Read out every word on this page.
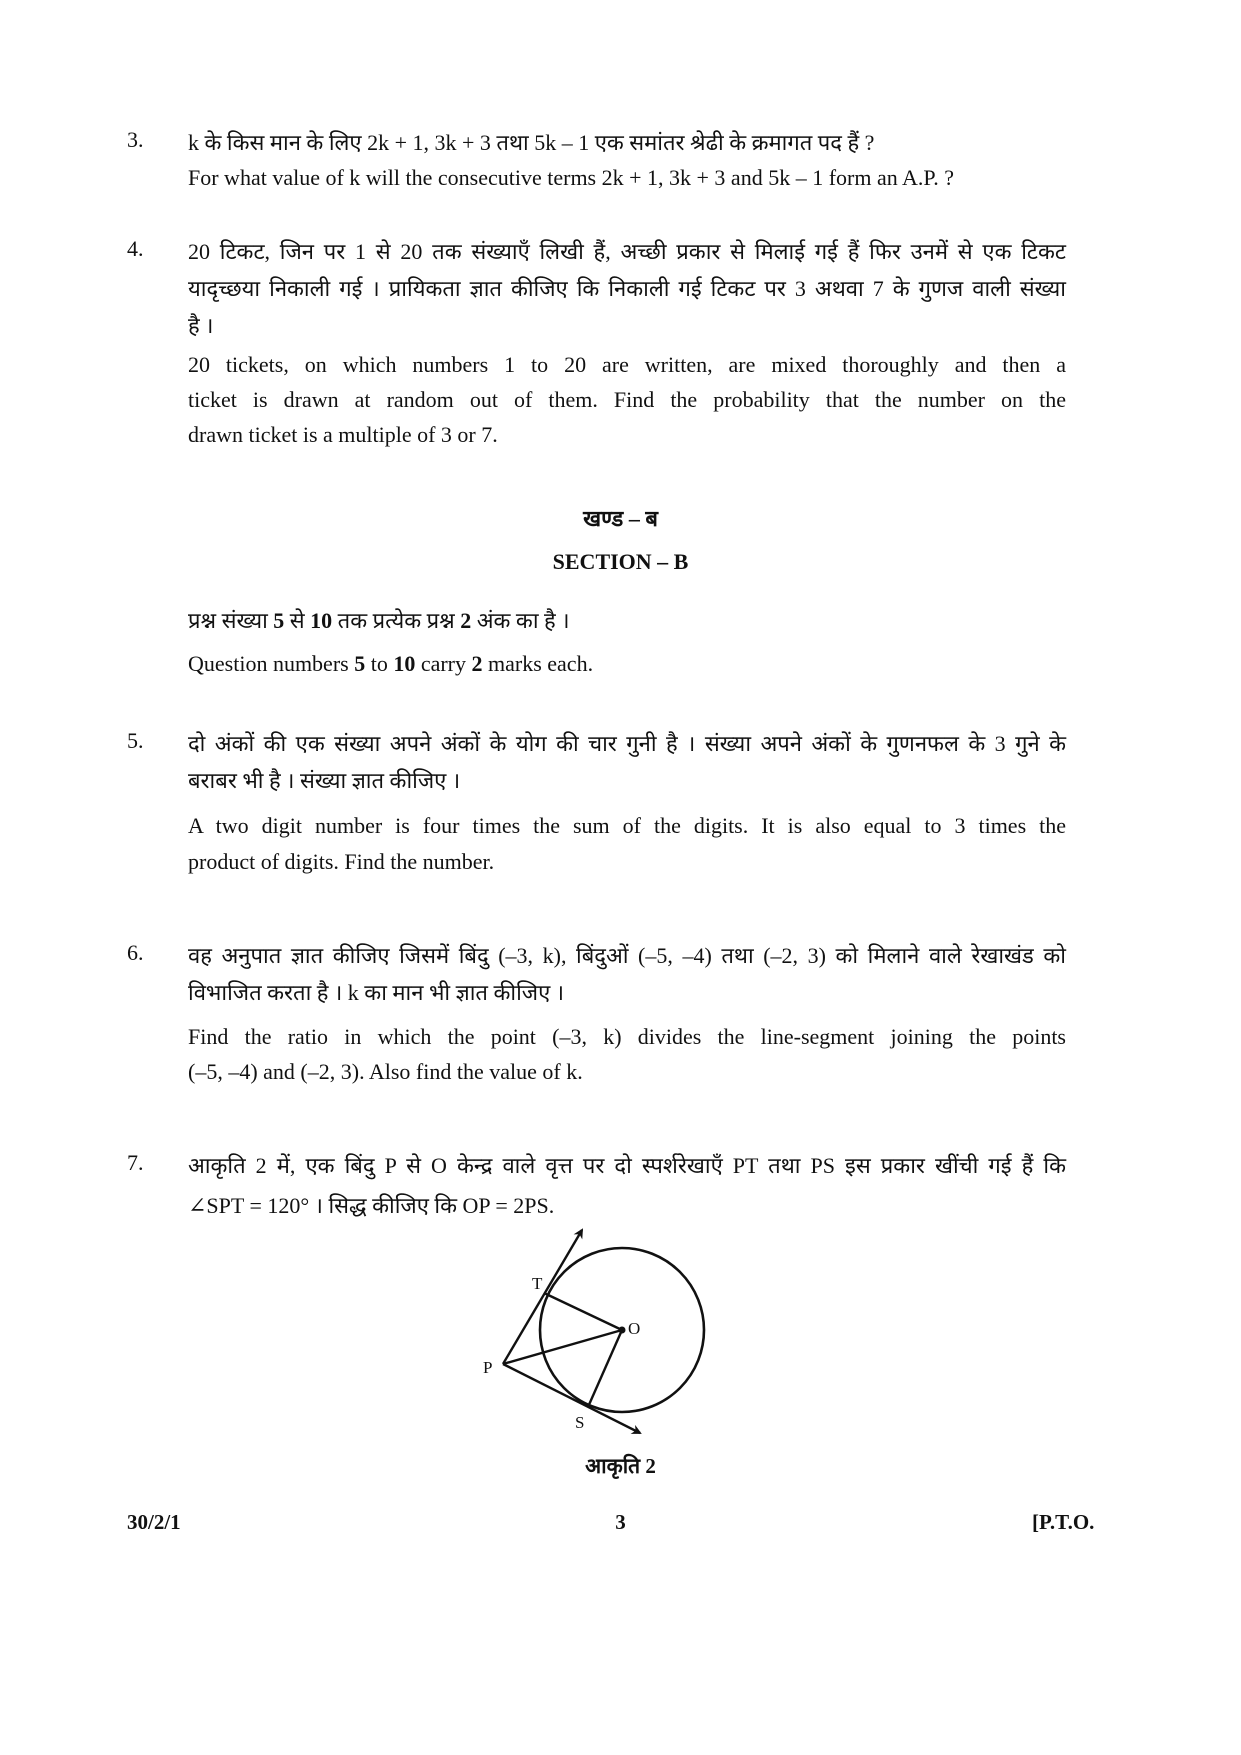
3. k के किस मान के लिए 2k + 1, 3k + 3 तथा 5k – 1 एक समांतर श्रेढी के क्रमागत पद हैं ?
For what value of k will the consecutive terms 2k + 1, 3k + 3 and 5k – 1 form an A.P. ?
4. 20 टिकट, जिन पर 1 से 20 तक संख्याएँ लिखी हैं, अच्छी प्रकार से मिलाई गई हैं फिर उनमें से एक टिकट
यादृच्छया निकाली गई । प्रायिकता ज्ञात कीजिए कि निकाली गई टिकट पर 3 अथवा 7 के गुणज वाली संख्या
है ।
20 tickets, on which numbers 1 to 20 are written, are mixed thoroughly and then a
ticket is drawn at random out of them. Find the probability that the number on the
drawn ticket is a multiple of 3 or 7.
खण्ड – ब
SECTION – B
प्रश्न संख्या 5 से 10 तक प्रत्येक प्रश्न 2 अंक का है ।
Question numbers 5 to 10 carry 2 marks each.
5. दो अंकों की एक संख्या अपने अंकों के योग की चार गुनी है । संख्या अपने अंकों के गुणनफल के 3 गुने के
बराबर भी है । संख्या ज्ञात कीजिए ।
A two digit number is four times the sum of the digits. It is also equal to 3 times the
product of digits. Find the number.
6. वह अनुपात ज्ञात कीजिए जिसमें बिंदु (–3, k), बिंदुओं (–5, –4) तथा (–2, 3) को मिलाने वाले रेखाखंड को
विभाजित करता है । k का मान भी ज्ञात कीजिए ।
Find the ratio in which the point (–3, k) divides the line-segment joining the points
(–5, –4) and (–2, 3). Also find the value of k.
7. आकृति 2 में, एक बिंदु P से O केन्द्र वाले वृत्त पर दो स्पर्शरेखाएँ PT तथा PS इस प्रकार खींची गई हैं कि
∠SPT = 120° । सिद्ध कीजिए कि OP = 2PS.
T
O
P
S
आकृति 2
30/2/1	3	[P.T.O.
